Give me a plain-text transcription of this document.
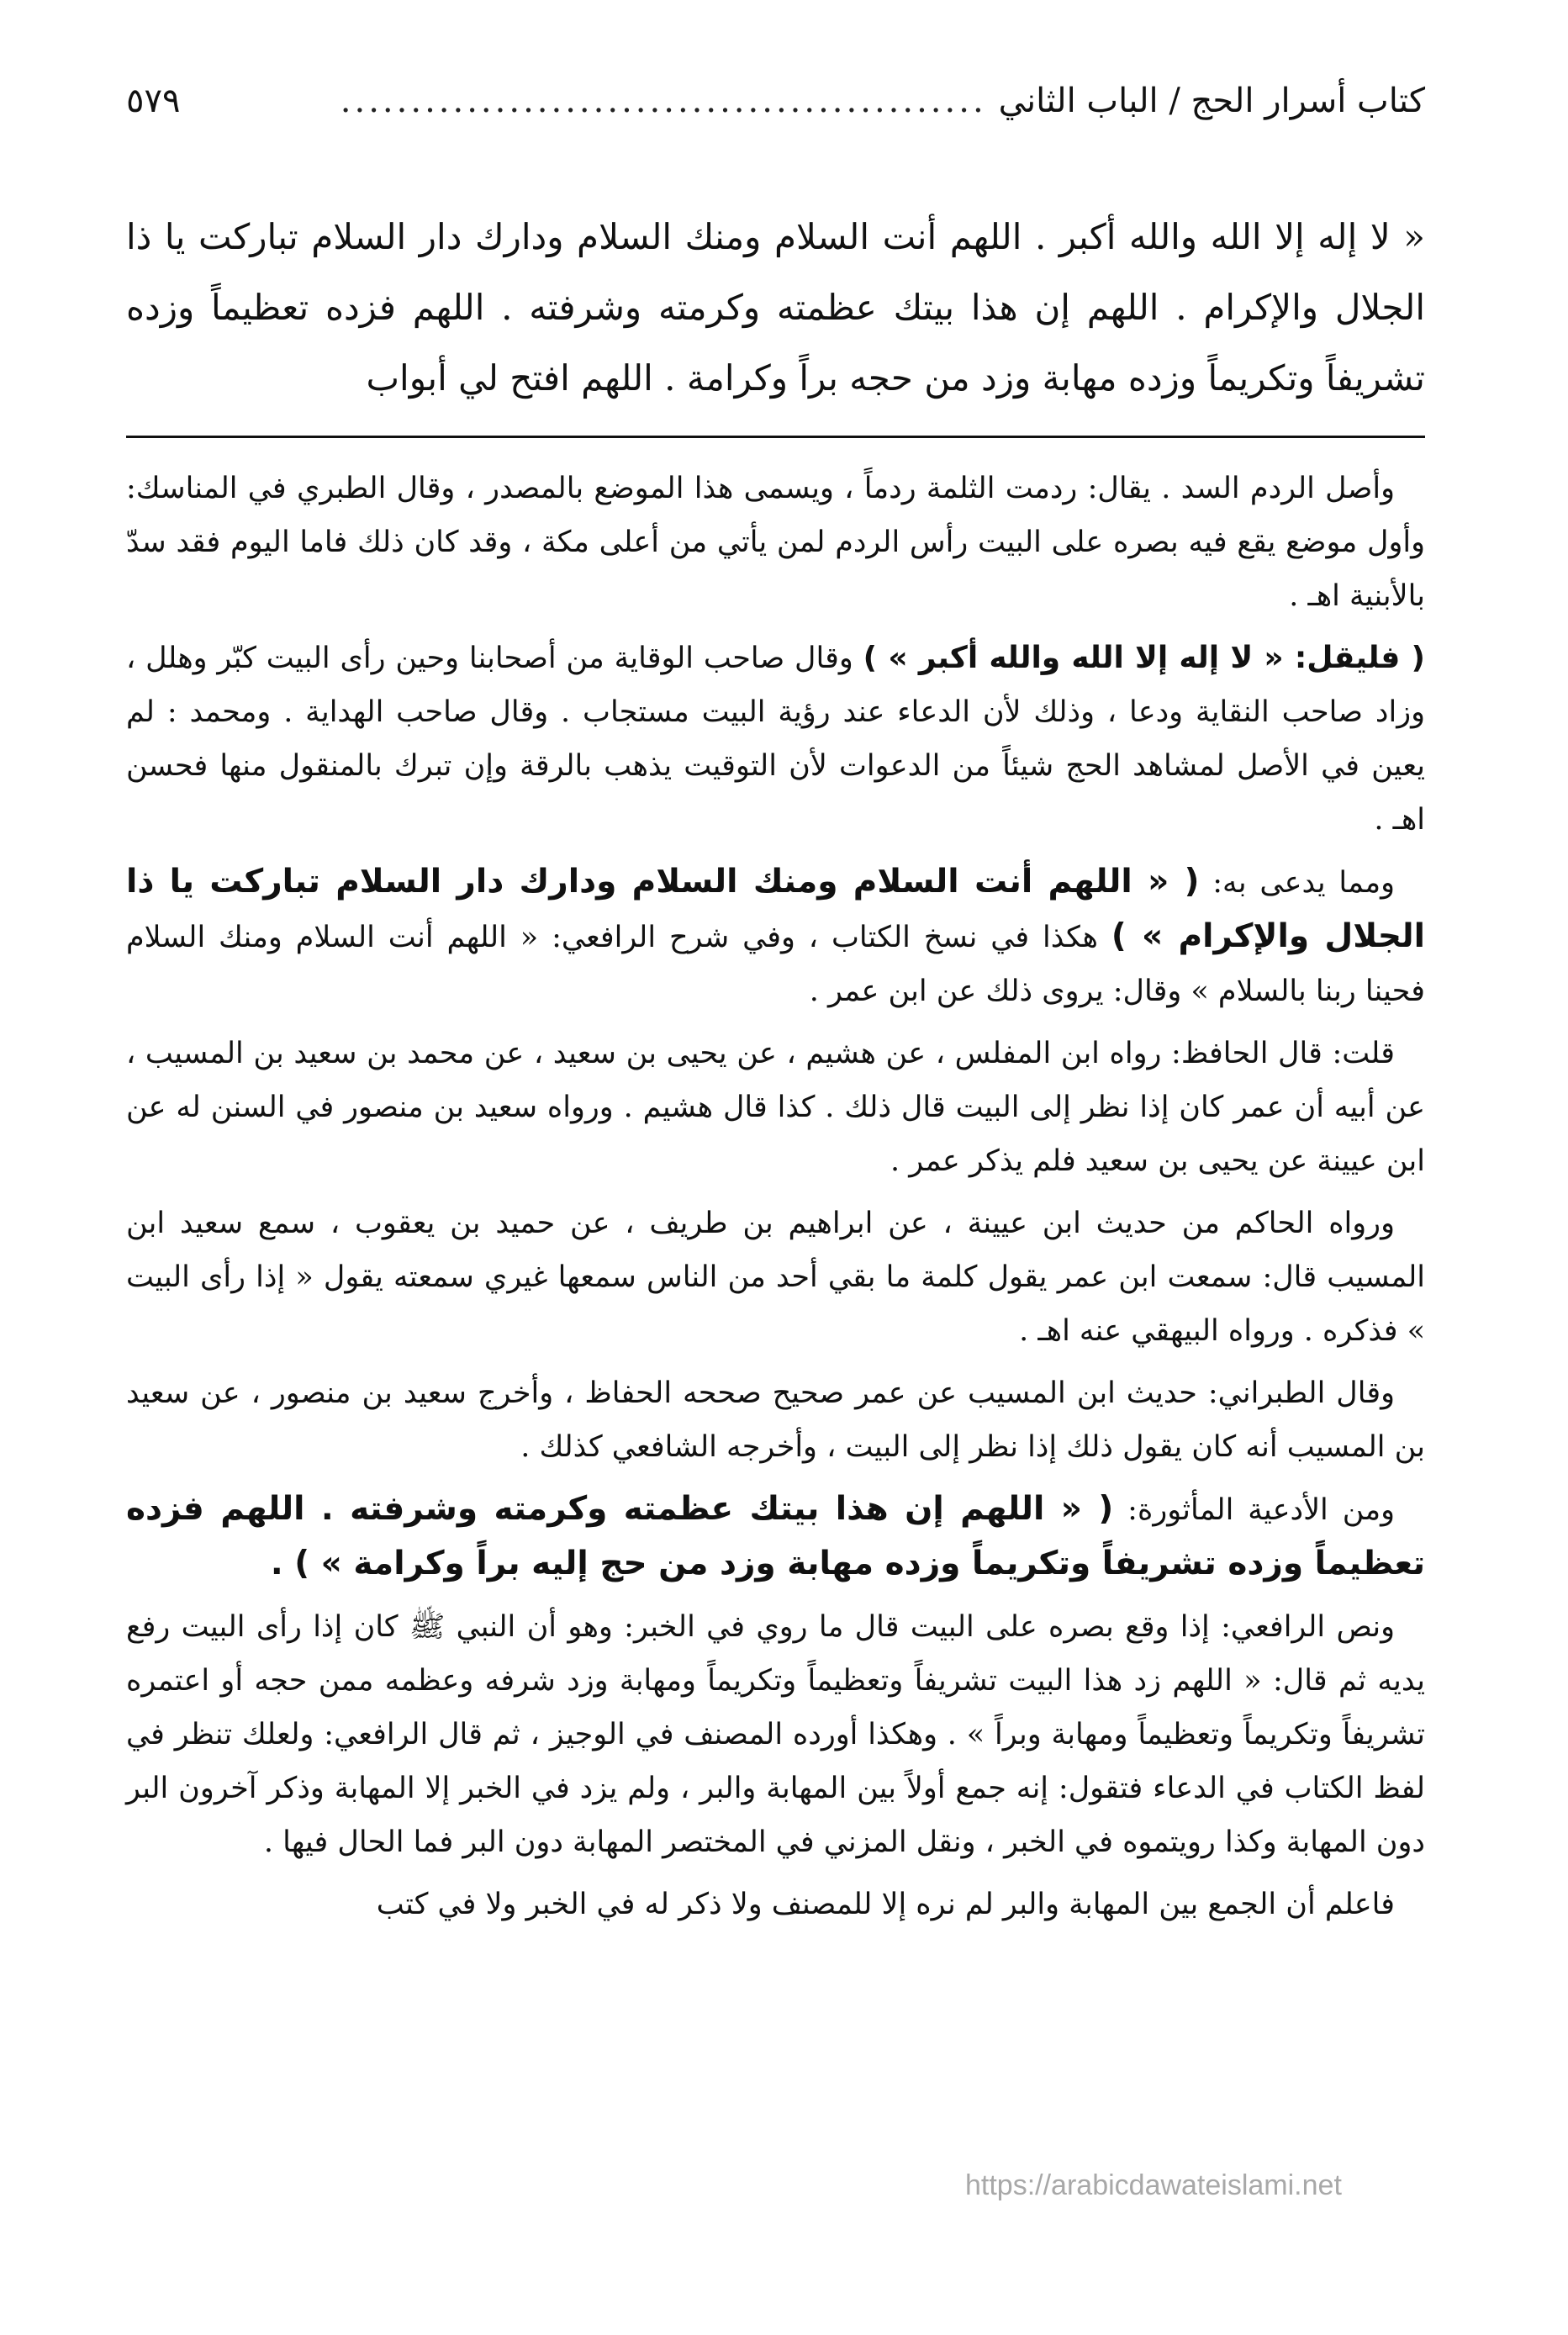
كتاب أسرار الحج / الباب الثاني
..............................................
٥٧٩

« لا إله إلا الله والله أكبر . اللهم أنت السلام ومنك السلام ودارك دار السلام تباركت يا ذا الجلال والإكرام . اللهم إن هذا بيتك عظمته وكرمته وشرفته . اللهم فزده تعظيماً وزده تشريفاً وتكريماً وزده مهابة وزد من حجه براً وكرامة . اللهم افتح لي أبواب

وأصل الردم السد . يقال: ردمت الثلمة ردماً ، ويسمى هذا الموضع بالمصدر ، وقال الطبري في المناسك: وأول موضع يقع فيه بصره على البيت رأس الردم لمن يأتي من أعلى مكة ، وقد كان ذلك فاما اليوم فقد سدّ بالأبنية اهـ .

( فليقل: « لا إله إلا الله والله أكبر » ) وقال صاحب الوقاية من أصحابنا وحين رأى البيت كبّر وهلل ، وزاد صاحب النقاية ودعا ، وذلك لأن الدعاء عند رؤية البيت مستجاب . وقال صاحب الهداية . ومحمد : لم يعين في الأصل لمشاهد الحج شيئاً من الدعوات لأن التوقيت يذهب بالرقة وإن تبرك بالمنقول منها فحسن اهـ .

ومما يدعى به: ( « اللهم أنت السلام ومنك السلام ودارك دار السلام تباركت يا ذا الجلال والإكرام » ) هكذا في نسخ الكتاب ، وفي شرح الرافعي: « اللهم أنت السلام ومنك السلام فحينا ربنا بالسلام » وقال: يروى ذلك عن ابن عمر .

قلت: قال الحافظ: رواه ابن المفلس ، عن هشيم ، عن يحيى بن سعيد ، عن محمد بن سعيد بن المسيب ، عن أبيه أن عمر كان إذا نظر إلى البيت قال ذلك . كذا قال هشيم . ورواه سعيد بن منصور في السنن له عن ابن عيينة عن يحيى بن سعيد فلم يذكر عمر .

ورواه الحاكم من حديث ابن عيينة ، عن ابراهيم بن طريف ، عن حميد بن يعقوب ، سمع سعيد ابن المسيب قال: سمعت ابن عمر يقول كلمة ما بقي أحد من الناس سمعها غيري سمعته يقول « إذا رأى البيت » فذكره . ورواه البيهقي عنه اهـ .

وقال الطبراني: حديث ابن المسيب عن عمر صحيح صححه الحفاظ ، وأخرج سعيد بن منصور ، عن سعيد بن المسيب أنه كان يقول ذلك إذا نظر إلى البيت ، وأخرجه الشافعي كذلك .

ومن الأدعية المأثورة: ( « اللهم إن هذا بيتك عظمته وكرمته وشرفته . اللهم فزده تعظيماً وزده تشريفاً وتكريماً وزده مهابة وزد من حج إليه براً وكرامة » ) .

ونص الرافعي: إذا وقع بصره على البيت قال ما روي في الخبر: وهو أن النبي ﷺ كان إذا رأى البيت رفع يديه ثم قال: « اللهم زد هذا البيت تشريفاً وتعظيماً وتكريماً ومهابة وزد شرفه وعظمه ممن حجه أو اعتمره تشريفاً وتكريماً وتعظيماً ومهابة وبراً » . وهكذا أورده المصنف في الوجيز ، ثم قال الرافعي: ولعلك تنظر في لفظ الكتاب في الدعاء فتقول: إنه جمع أولاً بين المهابة والبر ، ولم يزد في الخبر إلا المهابة وذكر آخرون البر دون المهابة وكذا رويتموه في الخبر ، ونقل المزني في المختصر المهابة دون البر فما الحال فيها .

فاعلم أن الجمع بين المهابة والبر لم نره إلا للمصنف ولا ذكر له في الخبر ولا في كتب

https://arabicdawateislami.net
